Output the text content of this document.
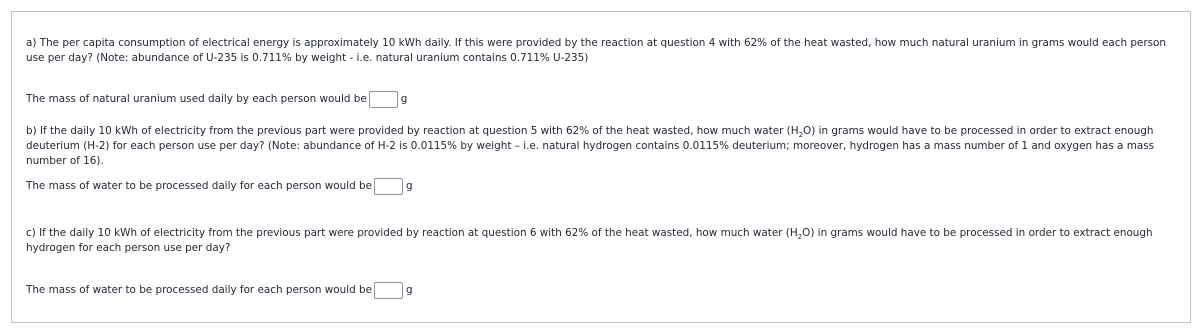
a) The per capita consumption of electrical energy is approximately 10 kWh daily. If this were provided by the reaction at question 4 with 62% of the heat wasted, how much natural uranium in grams would each person use per day? (Note: abundance of U-235 is 0.711% by weight - i.e. natural uranium contains 0.711% U-235)

The mass of natural uranium used daily by each person would be	g

b) If the daily 10 kWh of electricity from the previous part were provided by reaction at question 5 with 62% of the heat wasted, how much water $(H_2O)$ in grams would have to be processed in order to extract enough deuterium (H-2) for each person use per day? (Note: abundance of H-2 is 0.0115% by weight – i.e. natural hydrogen contains 0.0115% deuterium; moreover, hydrogen has a mass number of 1 and oxygen has a mass number of 16).

The mass of water to be processed daily for each person would be	g

c) If the daily 10 kWh of electricity from the previous part were provided by reaction at question 6 with 62% of the heat wasted, how much water $(H_2O)$ in grams would have to be processed in order to extract enough hydrogen for each person use per day?

The mass of water to be processed daily for each person would be	g
